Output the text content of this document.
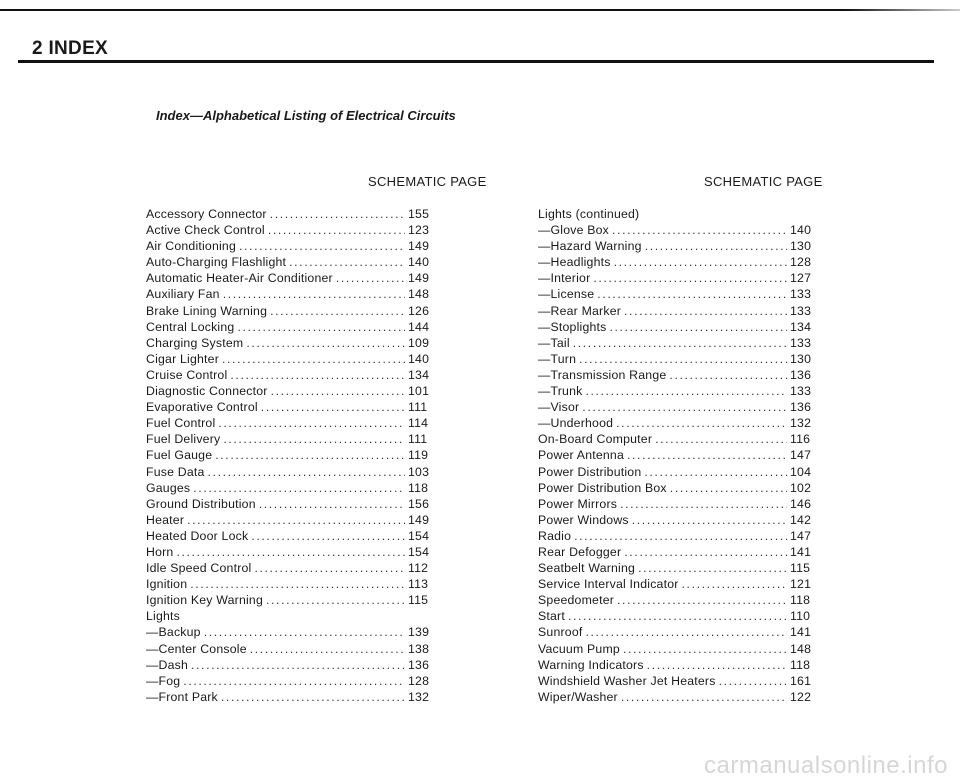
2 INDEX
Index—Alphabetical Listing of Electrical Circuits
SCHEMATIC PAGE	SCHEMATIC PAGE
Accessory Connector .....	155
Active Check Control .....	123
Air Conditioning .....	149
Auto-Charging Flashlight .....	140
Automatic Heater-Air Conditioner .....	149
Auxiliary Fan .....	148
Brake Lining Warning .....	126
Central Locking .....	144
Charging System .....	109
Cigar Lighter .....	140
Cruise Control .....	134
Diagnostic Connector .....	101
Evaporative Control .....	111
Fuel Control .....	114
Fuel Delivery .....	111
Fuel Gauge .....	119
Fuse Data .....	103
Gauges .....	118
Ground Distribution .....	156
Heater .....	149
Heated Door Lock .....	154
Horn .....	154
Idle Speed Control .....	112
Ignition .....	113
Ignition Key Warning .....	115
Lights
—Backup .....	139
—Center Console .....	138
—Dash .....	136
—Fog .....	128
—Front Park .....	132
Lights (continued)
—Glove Box .....	140
—Hazard Warning .....	130
—Headlights .....	128
—Interior .....	127
—License .....	133
—Rear Marker .....	133
—Stoplights .....	134
—Tail .....	133
—Turn .....	130
—Transmission Range .....	136
—Trunk .....	133
—Visor .....	136
—Underhood .....	132
On-Board Computer .....	116
Power Antenna .....	147
Power Distribution .....	104
Power Distribution Box .....	102
Power Mirrors .....	146
Power Windows .....	142
Radio .....	147
Rear Defogger .....	141
Seatbelt Warning .....	115
Service Interval Indicator .....	121
Speedometer .....	118
Start .....	110
Sunroof .....	141
Vacuum Pump .....	148
Warning Indicators .....	118
Windshield Washer Jet Heaters .....	161
Wiper/Washer .....	122
carmanualsonline.info
